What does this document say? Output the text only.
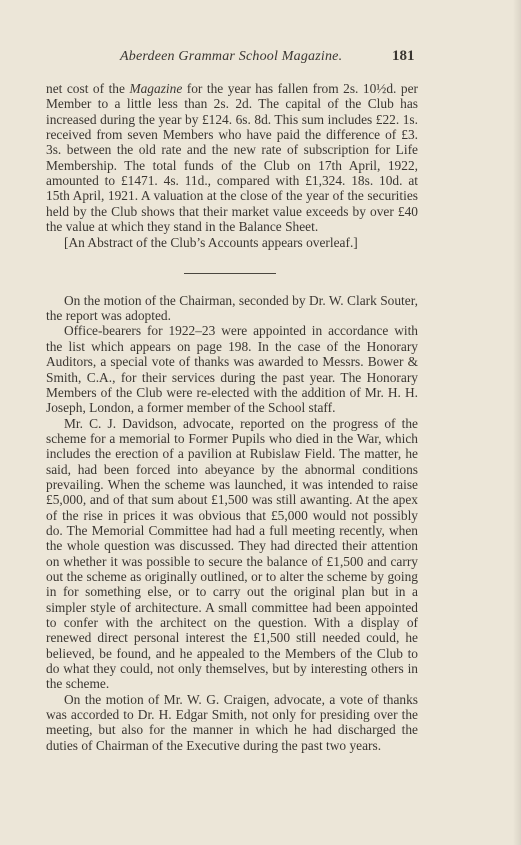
Aberdeen Grammar School Magazine.	181

net cost of the Magazine for the year has fallen from 2s. 10½d. per Member to a little less than 2s. 2d. The capital of the Club has increased during the year by £124. 6s. 8d. This sum includes £22. 1s. received from seven Members who have paid the difference of £3. 3s. between the old rate and the new rate of subscription for Life Membership. The total funds of the Club on 17th April, 1922, amounted to £1471. 4s. 11d., compared with £1,324. 18s. 10d. at 15th April, 1921. A valuation at the close of the year of the securities held by the Club shows that their market value exceeds by over £40 the value at which they stand in the Balance Sheet.

[An Abstract of the Club’s Accounts appears overleaf.]

On the motion of the Chairman, seconded by Dr. W. Clark Souter, the report was adopted.

Office-bearers for 1922–23 were appointed in accordance with the list which appears on page 198. In the case of the Honorary Auditors, a special vote of thanks was awarded to Messrs. Bower & Smith, C.A., for their services during the past year. The Honorary Members of the Club were re-elected with the addition of Mr. H. H. Joseph, London, a former member of the School staff.

Mr. C. J. Davidson, advocate, reported on the progress of the scheme for a memorial to Former Pupils who died in the War, which includes the erection of a pavilion at Rubislaw Field. The matter, he said, had been forced into abeyance by the abnormal conditions prevailing. When the scheme was launched, it was intended to raise £5,000, and of that sum about £1,500 was still awanting. At the apex of the rise in prices it was obvious that £5,000 would not possibly do. The Memorial Committee had had a full meeting recently, when the whole question was discussed. They had directed their attention on whether it was possible to secure the balance of £1,500 and carry out the scheme as originally outlined, or to alter the scheme by going in for something else, or to carry out the original plan but in a simpler style of architecture. A small committee had been appointed to confer with the architect on the question. With a display of renewed direct personal interest the £1,500 still needed could, he believed, be found, and he appealed to the Members of the Club to do what they could, not only themselves, but by interesting others in the scheme.

On the motion of Mr. W. G. Craigen, advocate, a vote of thanks was accorded to Dr. H. Edgar Smith, not only for presiding over the meeting, but also for the manner in which he had discharged the duties of Chairman of the Executive during the past two years.
